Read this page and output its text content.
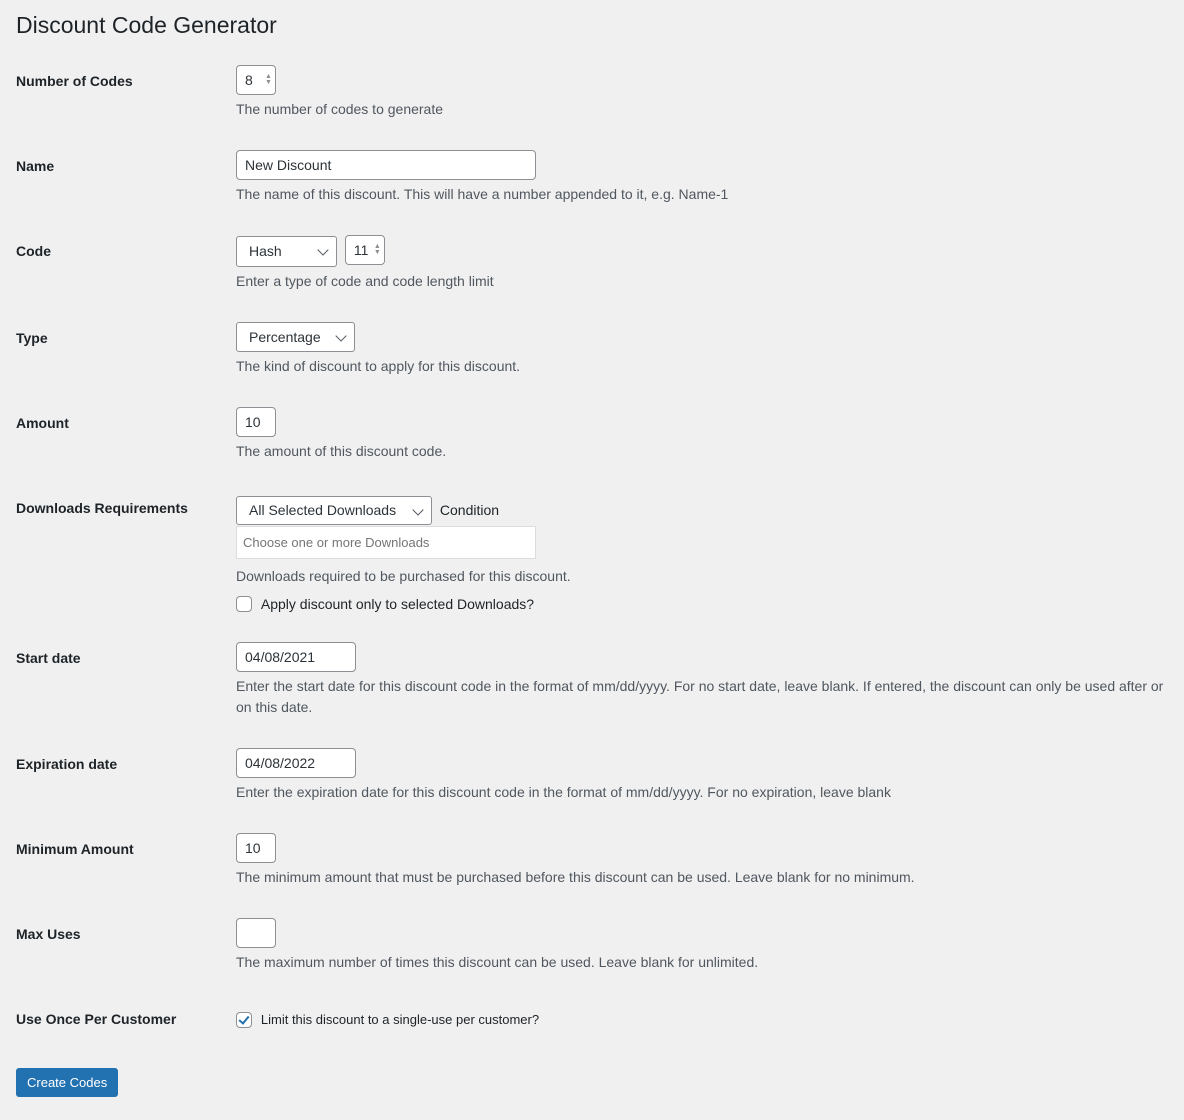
Discount Code Generator
Number of Codes	8 ▲
▼

The number of codes to generate

Name	New Discount

The name of this discount. This will have a number appended to it, e.g. Name-1

Code	Hash	11 ▲
▼

Enter a type of code and code length limit

Type	Percentage

The kind of discount to apply for this discount.

Amount	10

The amount of this discount code.

Downloads Requirements	All Selected Downloads	Condition
Choose one or more Downloads

Downloads required to be purchased for this discount.

Apply discount only to selected Downloads?
Start date	04/08/2021

Enter the start date for this discount code in the format of mm/dd/yyyy. For no start date, leave blank. If entered, the discount can only be used after or on this date.

Expiration date	04/08/2022

Enter the expiration date for this discount code in the format of mm/dd/yyyy. For no expiration, leave blank

Minimum Amount	10

The minimum amount that must be purchased before this discount can be used. Leave blank for no minimum.

Max Uses

The maximum number of times this discount can be used. Leave blank for unlimited.

Use Once Per Customer	Limit this discount to a single-use per customer?
Create Codes
